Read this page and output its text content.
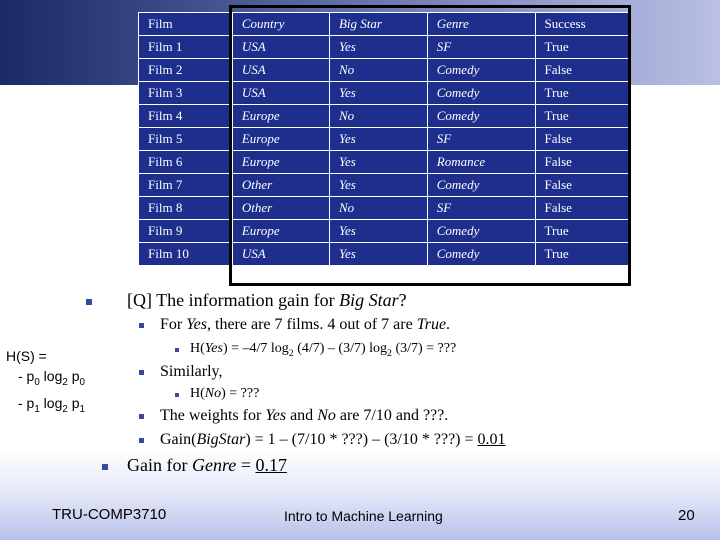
Film	Country	Big Star	Genre	Success
Film 1	USA	Yes	SF	True
Film 2	USA	No	Comedy	False
Film 3	USA	Yes	Comedy	True
Film 4	Europe	No	Comedy	True
Film 5	Europe	Yes	SF	False
Film 6	Europe	Yes	Romance	False
Film 7	Other	Yes	Comedy	False
Film 8	Other	No	SF	False
Film 9	Europe	Yes	Comedy	True
Film 10	USA	Yes	Comedy	True
[Q] The information gain for Big Star?
For Yes, there are 7 films. 4 out of 7 are True.
H(Yes) = –4/7 $\log_2 (4/7) - (3/7)$ $\log_2 (3/7)$ = ???
Similarly,
H(No) = ???
The weights for Yes and No are 7/10 and ???.
Gain(BigStar) = 1 – (7/10 * ???) – (3/10 * ???) = 0.01
Gain for Genre = 0.17
H(S) =
- $p_0$ $\log_2 p_0$
- $p_1$ $\log_2 p_1$
TRU-COMP3710	Intro to Machine Learning	20
